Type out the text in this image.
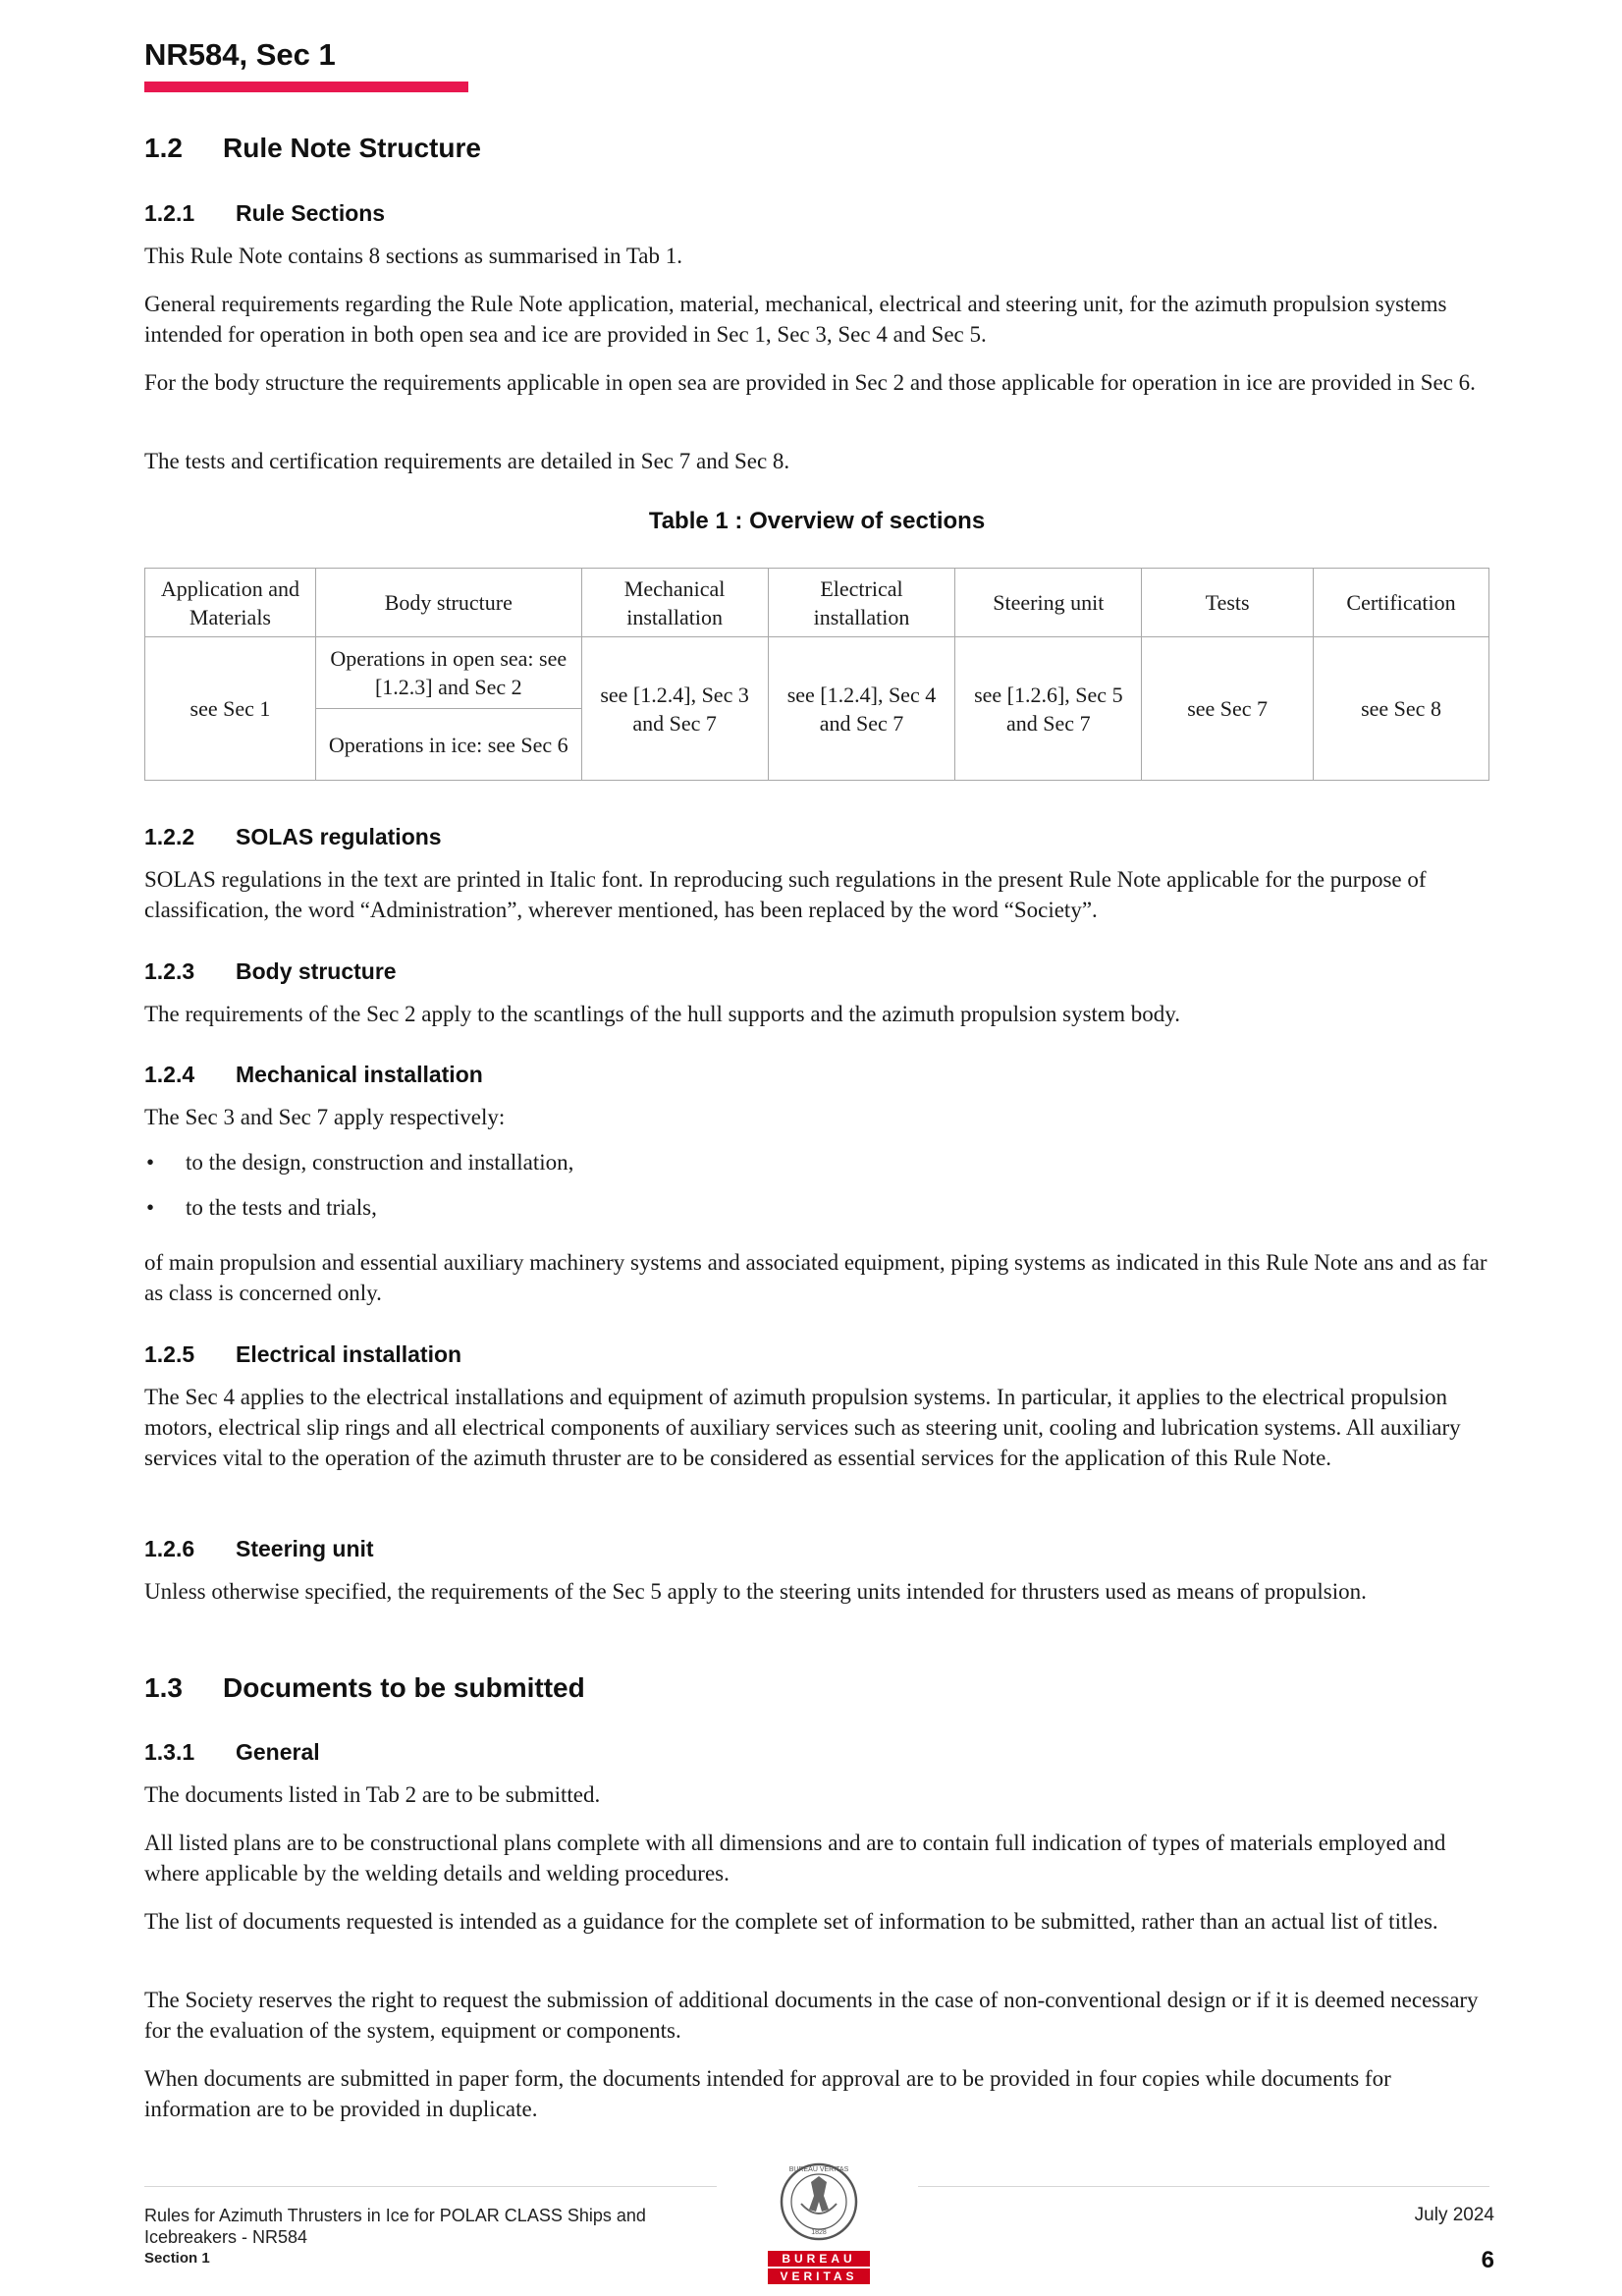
NR584, Sec 1
1.2 Rule Note Structure
1.2.1 Rule Sections
This Rule Note contains 8 sections as summarised in Tab 1.
General requirements regarding the Rule Note application, material, mechanical, electrical and steering unit, for the azimuth propulsion systems intended for operation in both open sea and ice are provided in Sec 1, Sec 3, Sec 4 and Sec 5.
For the body structure the requirements applicable in open sea are provided in Sec 2 and those applicable for operation in ice are provided in Sec 6.
The tests and certification requirements are detailed in Sec 7 and Sec 8.
Table 1 : Overview of sections
Application and Materials	Body structure	Mechanical installation	Electrical installation	Steering unit	Tests	Certification
see Sec 1	Operations in open sea: see [1.2.3] and Sec 2	see [1.2.4], Sec 3 and Sec 7	see [1.2.4], Sec 4 and Sec 7	see [1.2.6], Sec 5 and Sec 7	see Sec 7	see Sec 8
	Operations in ice: see Sec 6					
1.2.2 SOLAS regulations
SOLAS regulations in the text are printed in Italic font. In reproducing such regulations in the present Rule Note applicable for the purpose of classification, the word “Administration”, wherever mentioned, has been replaced by the word “Society”.
1.2.3 Body structure
The requirements of the Sec 2 apply to the scantlings of the hull supports and the azimuth propulsion system body.
1.2.4 Mechanical installation
The Sec 3 and Sec 7 apply respectively:
• to the design, construction and installation,
• to the tests and trials,
of main propulsion and essential auxiliary machinery systems and associated equipment, piping systems as indicated in this Rule Note ans and as far as class is concerned only.
1.2.5 Electrical installation
The Sec 4 applies to the electrical installations and equipment of azimuth propulsion systems. In particular, it applies to the electrical propulsion motors, electrical slip rings and all electrical components of auxiliary services such as steering unit, cooling and lubrication systems. All auxiliary services vital to the operation of the azimuth thruster are to be considered as essential services for the application of this Rule Note.
1.2.6 Steering unit
Unless otherwise specified, the requirements of the Sec 5 apply to the steering units intended for thrusters used as means of propulsion.
1.3 Documents to be submitted
1.3.1 General
The documents listed in Tab 2 are to be submitted.
All listed plans are to be constructional plans complete with all dimensions and are to contain full indication of types of materials employed and where applicable by the welding details and welding procedures.
The list of documents requested is intended as a guidance for the complete set of information to be submitted, rather than an actual list of titles.
The Society reserves the right to request the submission of additional documents in the case of non-conventional design or if it is deemed necessary for the evaluation of the system, equipment or components.
When documents are submitted in paper form, the documents intended for approval are to be provided in four copies while documents for information are to be provided in duplicate.
Rules for Azimuth Thrusters in Ice for POLAR CLASS Ships and
Icebreakers - NR584
Section 1
BUREAU VERITAS
1828
BUREAU
VERITAS
July 2024
6
